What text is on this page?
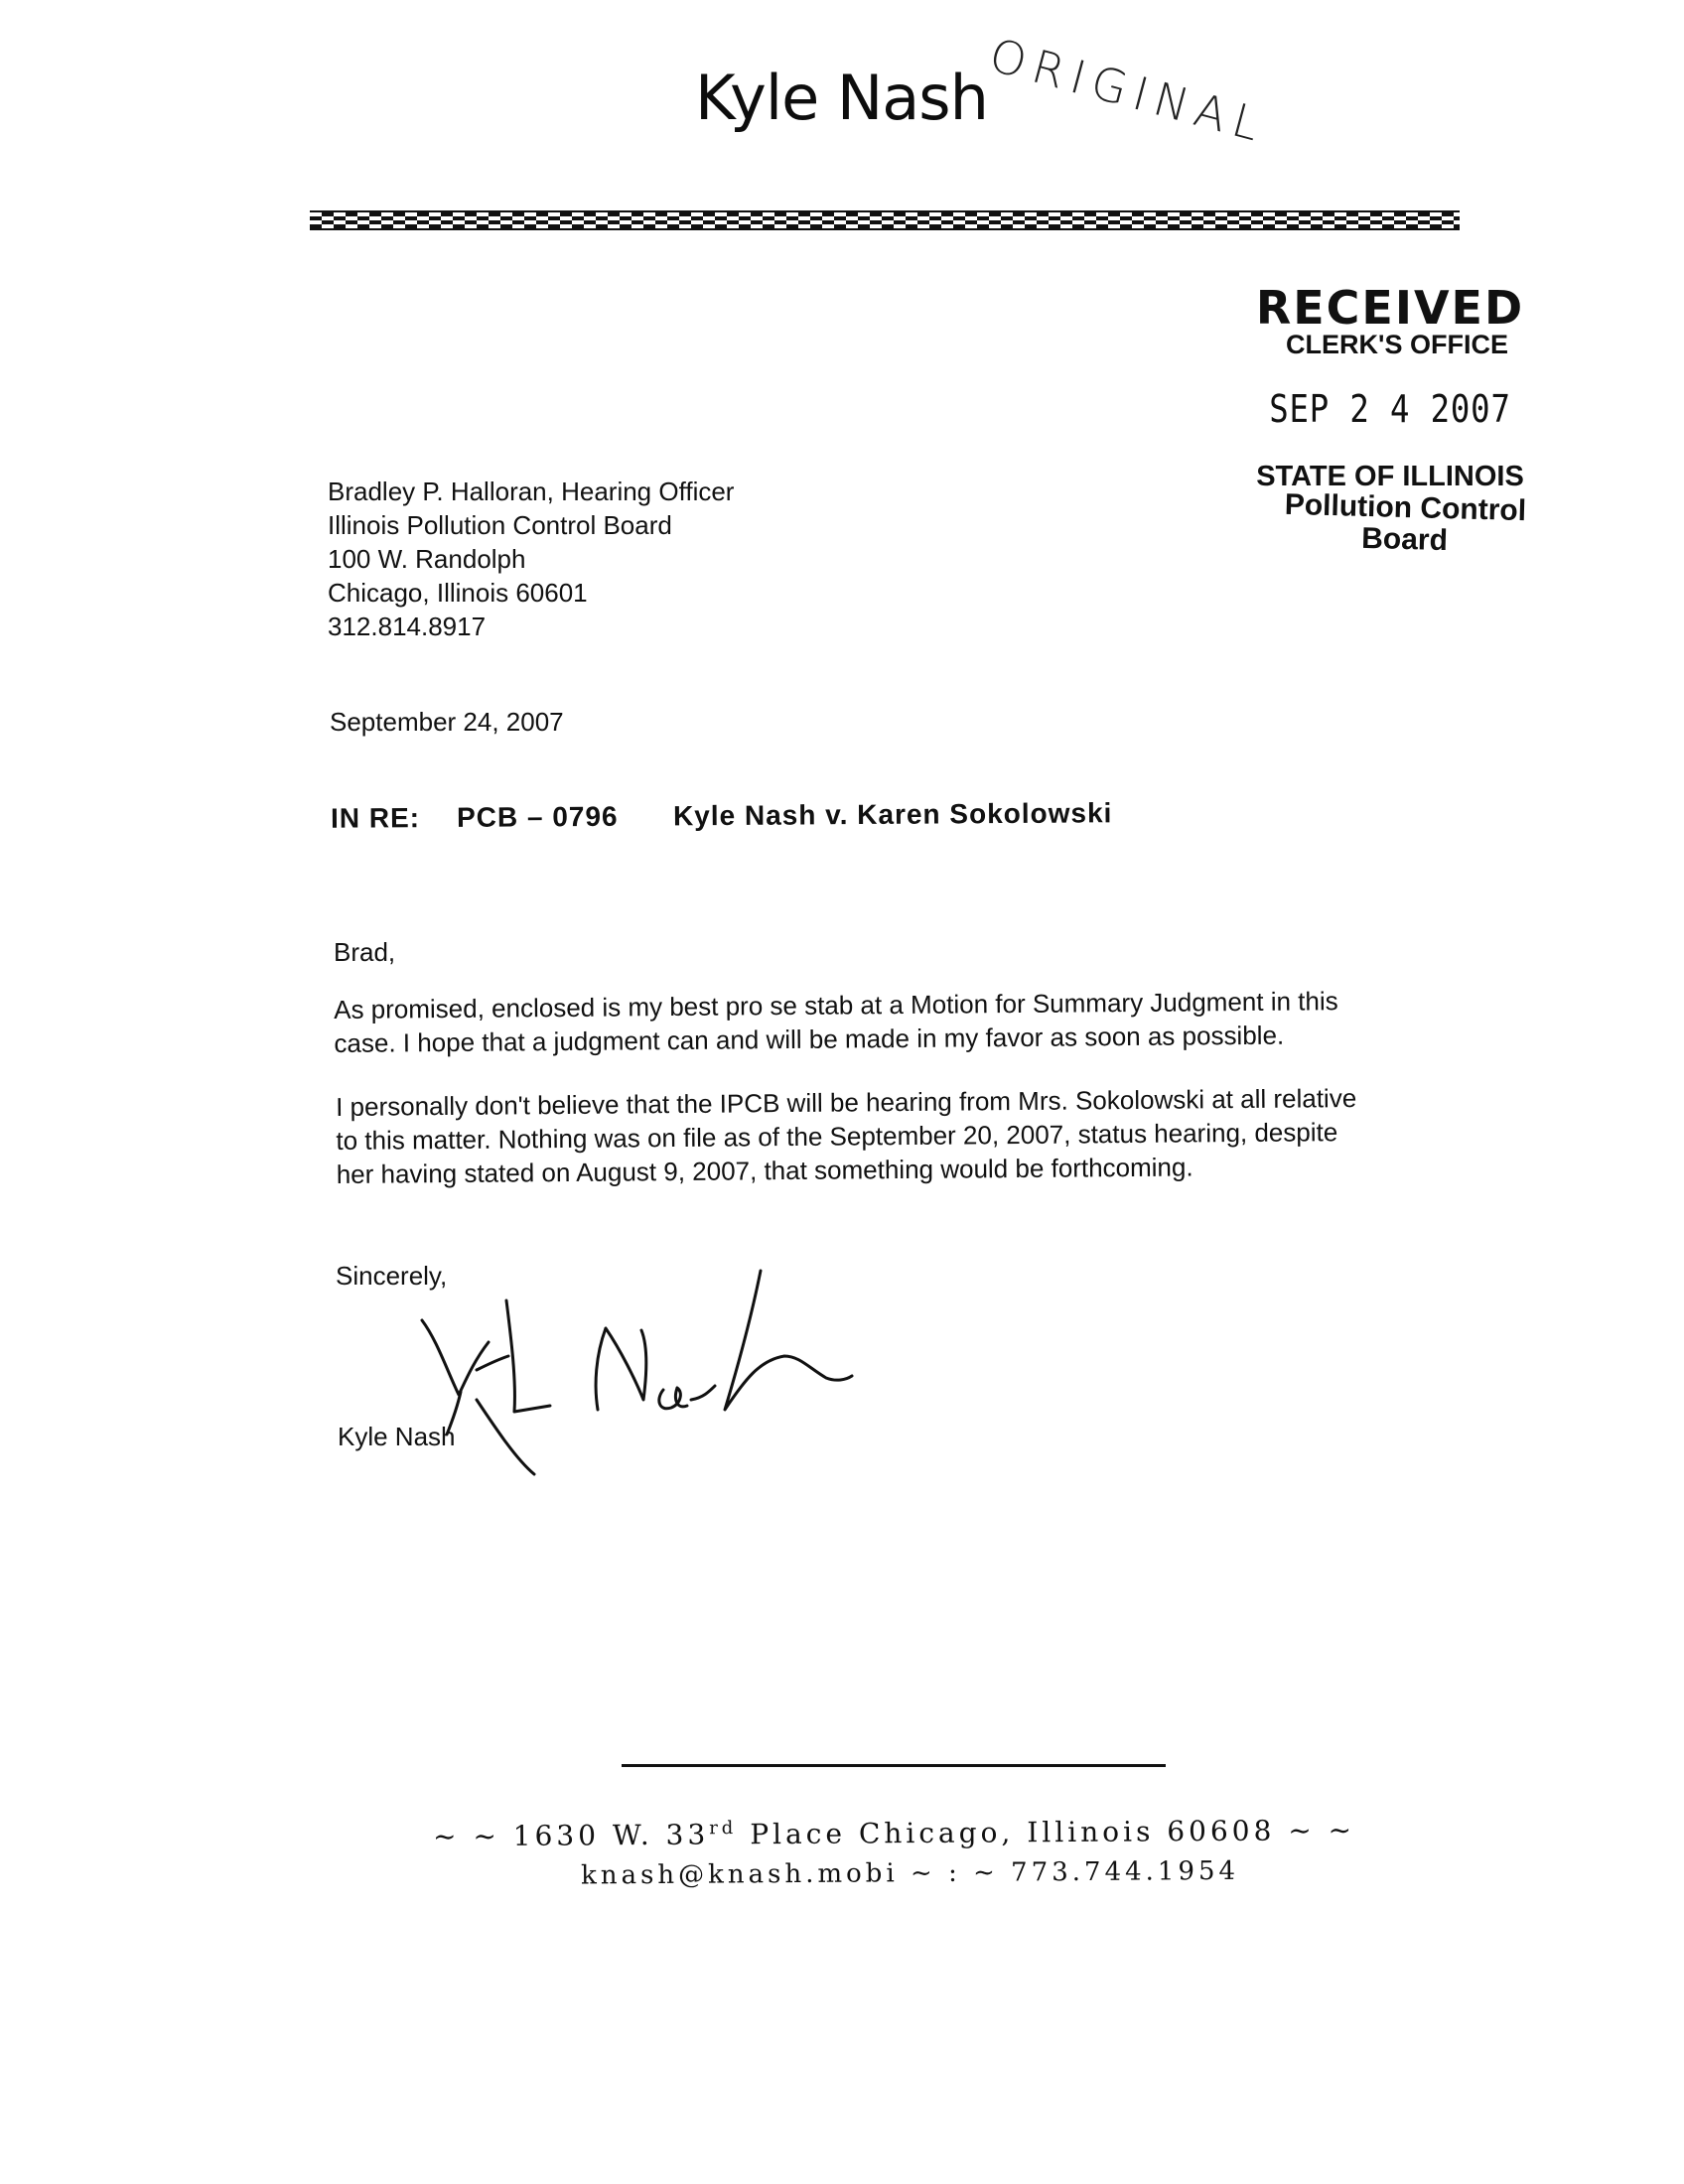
Kyle Nash
ORIGINAL
RECEIVED
CLERK'S OFFICE
SEP 2 4 2007
STATE OF ILLINOIS
Pollution Control Board
Bradley P. Halloran, Hearing Officer
Illinois Pollution Control Board
100 W. Randolph
Chicago, Illinois 60601
312.814.8917
September 24, 2007
IN RE: PCB – 0796 Kyle Nash v. Karen Sokolowski
Brad,
As promised, enclosed is my best pro se stab at a Motion for Summary Judgment in this
case. I hope that a judgment can and will be made in my favor as soon as possible.
I personally don't believe that the IPCB will be hearing from Mrs. Sokolowski at all relative
to this matter. Nothing was on file as of the September 20, 2007, status hearing, despite
her having stated on August 9, 2007, that something would be forthcoming.
Sincerely,
Kyle Nash
~ ~ 1630 W. 33rd Place Chicago, Illinois 60608 ~ ~
knash@knash.mobi ~ : ~ 773.744.1954
